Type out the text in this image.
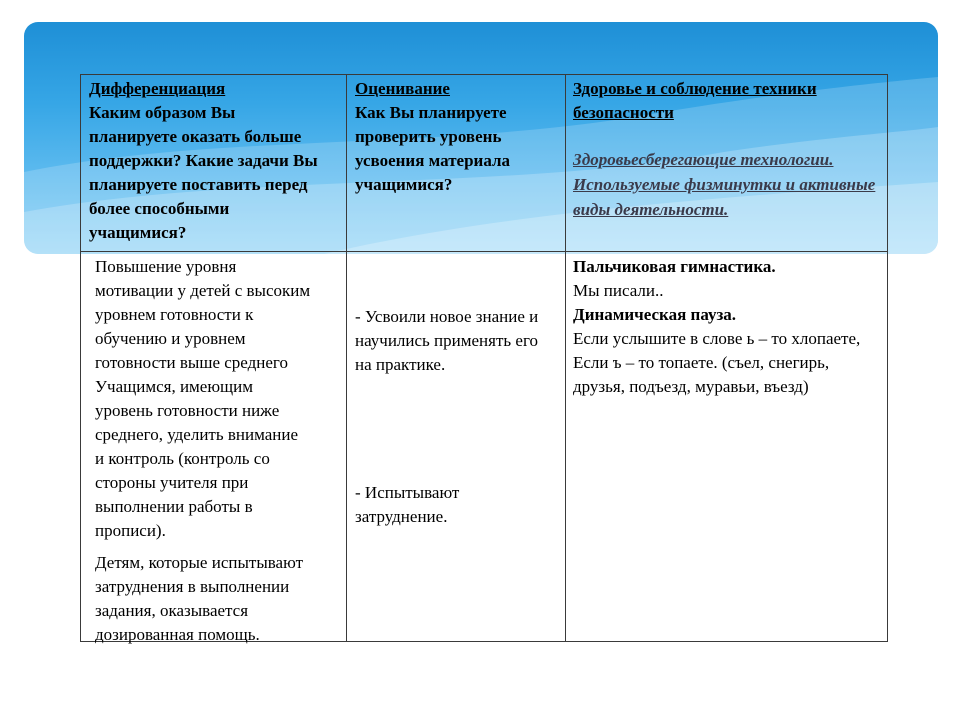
Дифференциация
Каким образом Вы
планируете оказать больше
поддержки? Какие задачи Вы
планируете поставить перед
более способными
учащимися?
Оценивание
Как Вы планируете
проверить уровень
усвоения материала
учащимися?
Здоровье и соблюдение техники
безопасности
Здоровьесберегающие технологии.
Используемые физминутки и активные
виды деятельности.

Повышение уровня

мотивации у детей с высоким

уровнем готовности к

обучению и уровнем

готовности выше среднего

Учащимся, имеющим

уровень готовности ниже

среднего, уделить внимание

и контроль (контроль со

стороны учителя при

выполнении работы в

прописи).

Детям, которые испытывают

затруднения в выполнении

задания, оказывается

дозированная помощь.

- Усвоили новое знание и

научились применять его

на практике.

- Испытывают

затруднение.

Пальчиковая гимнастика.

Мы писали..

Динамическая пауза.

Если услышите в слове ь – то хлопаете,

Если ъ – то топаете. (съел, снегирь,

друзья, подъезд, муравьи, въезд)
